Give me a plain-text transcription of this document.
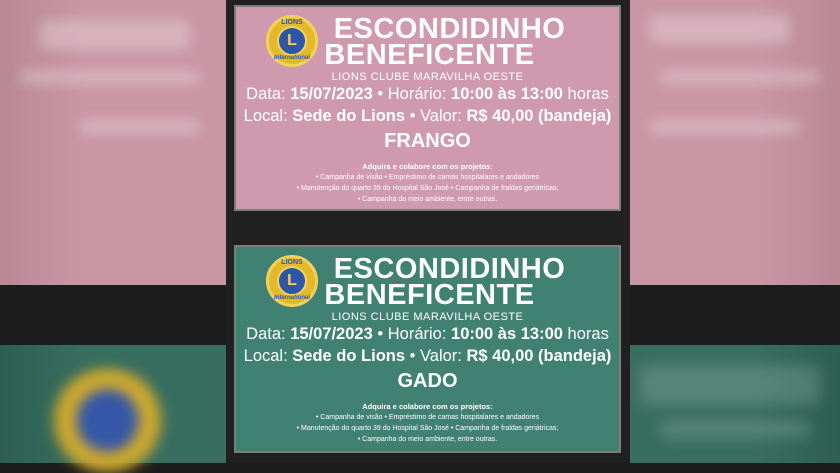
LIONS
L
International
ESCONDIDINHO
BENEFICENTE
LIONS CLUBE MARAVILHA OESTE
Data: 15/07/2023 • Horário: 10:00 às 13:00 horas
Local: Sede do Lions • Valor: R$ 40,00 (bandeja)
FRANGO
Adquira e colabore com os projetos:
• Campanha de visão • Empréstimo de camas hospitalares e andadores
• Manutenção do quarto 39 do Hospital São José • Campanha de fraldas geriátricas;
• Campanha do meio ambiente, entre outras.
LIONS
L
International
ESCONDIDINHO
BENEFICENTE
LIONS CLUBE MARAVILHA OESTE
Data: 15/07/2023 • Horário: 10:00 às 13:00 horas
Local: Sede do Lions • Valor: R$ 40,00 (bandeja)
GADO
Adquira e colabore com os projetos:
• Campanha de visão • Empréstimo de camas hospitalares e andadores
• Manutenção do quarto 39 do Hospital São José • Campanha de fraldas geriátricas;
• Campanha do meio ambiente, entre outras.
